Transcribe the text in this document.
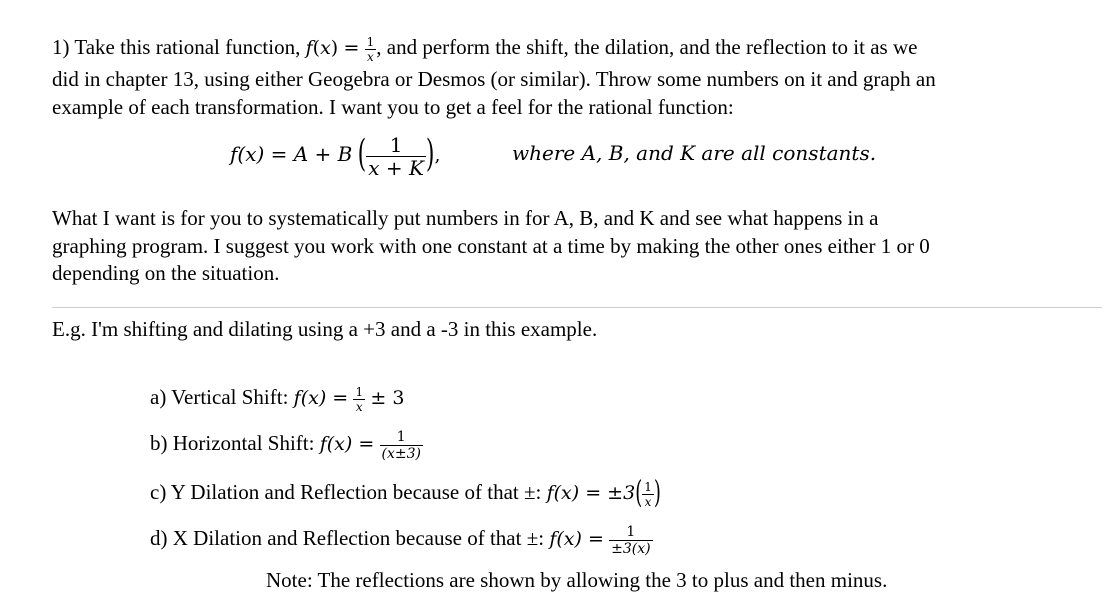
1) Take this rational function, $f(x) = \frac{1}{x}$ , and perform the shift, the dilation, and the reflection to it as we
did in chapter 13, using either Geogebra or Desmos (or similar). Throw some numbers on it and graph an
example of each transformation. I want you to get a feel for the rational function:
f(x) = A + B ( $\frac{1}{x + K}$ ),	where A, B, and K are all constants.
What I want is for you to systematically put numbers in for A, B, and K and see what happens in a
graphing program. I suggest you work with one constant at a time by making the other ones either 1 or 0
depending on the situation.
E.g. I'm shifting and dilating using a +3 and a -3 in this example.
a) Vertical Shift: $f(x) = \frac{1}{x} \pm 3$
b) Horizontal Shift: $f(x) = \frac{1}{(x\pm 3)}$
c) Y Dilation and Reflection because of that ±: $f(x) = \pm 3( \frac{1}{x}$ )
d) X Dilation and Reflection because of that ±: $f(x) = \frac{1}{\pm 3(x)}$
Note: The reflections are shown by allowing the 3 to plus and then minus.
